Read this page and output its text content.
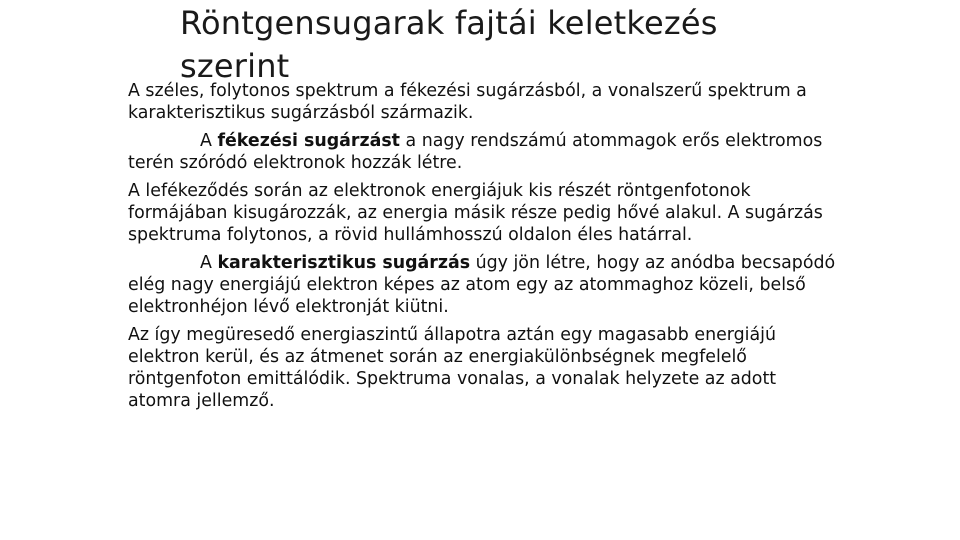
Röntgensugarak fajtái keletkezés szerint

A széles, folytonos spektrum a fékezési sugárzásból, a vonalszerű spektrum a karakterisztikus sugárzásból származik.

A fékezési sugárzást a nagy rendszámú atommagok erős elektromos terén szóródó elektronok hozzák létre.

A lefékeződés során az elektronok energiájuk kis részét röntgenfotonok formájában kisugározzák, az energia másik része pedig hővé alakul. A sugárzás spektruma folytonos, a rövid hullámhosszú oldalon éles határral.

A karakterisztikus sugárzás úgy jön létre, hogy az anódba becsapódó elég nagy energiájú elektron képes az atom egy az atommaghoz közeli, belső elektronhéjon lévő elektronját kiütni.

Az így megüresedő energiaszintű állapotra aztán egy magasabb energiájú elektron kerül, és az átmenet során az energiakülönbségnek megfelelő röntgenfoton emittálódik. Spektruma vonalas, a vonalak helyzete az adott atomra jellemző.
